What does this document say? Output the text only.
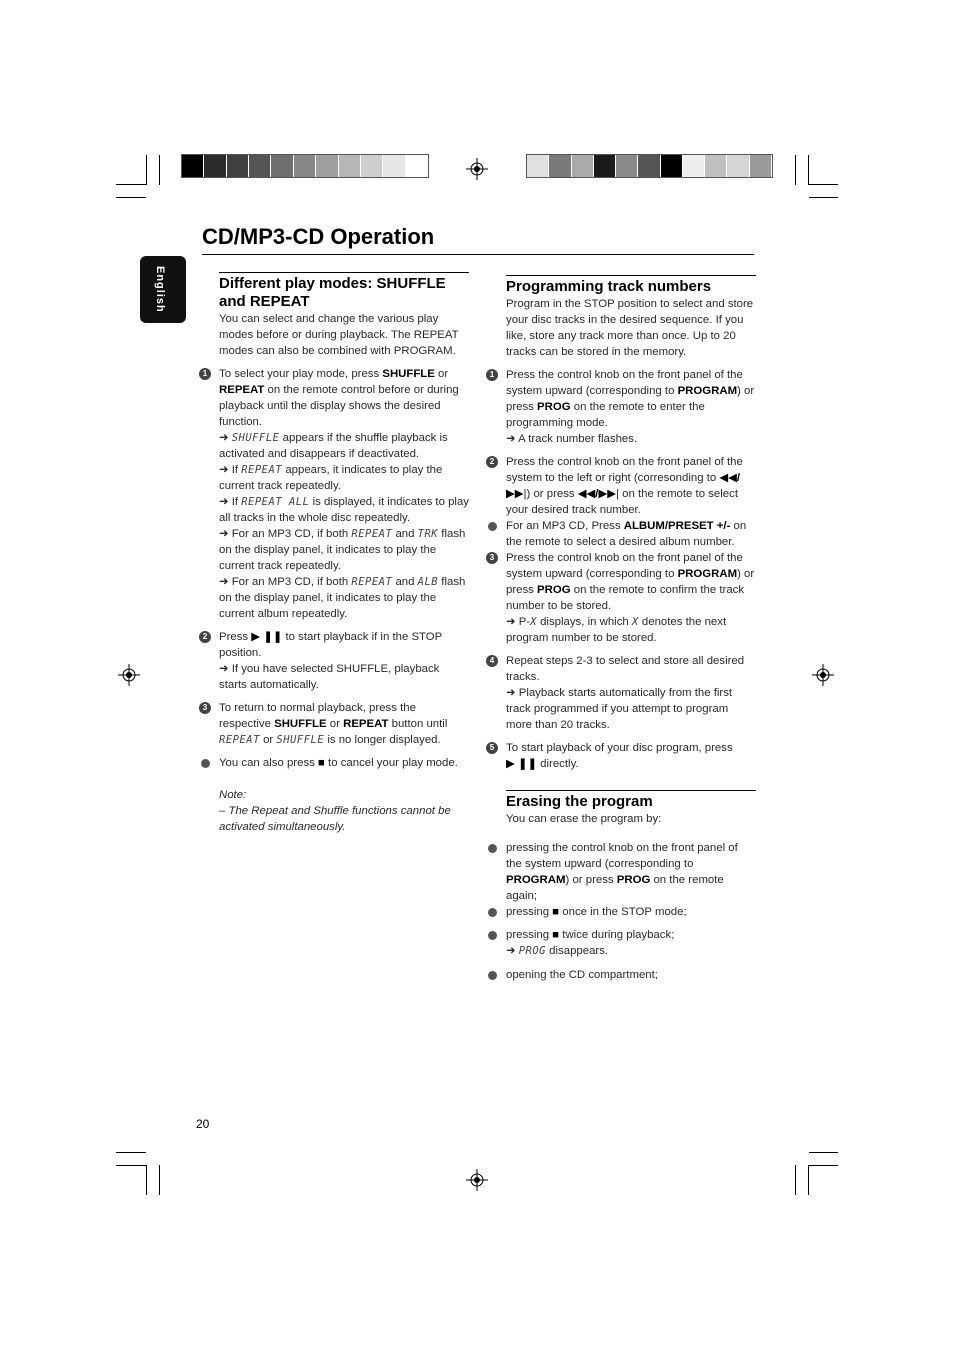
English
CD/MP3-CD Operation
Different play modes: SHUFFLE and REPEAT

You can select and change the various play modes before or during playback. The REPEAT modes can also be combined with PROGRAM.

1	To select your play mode, press SHUFFLE or REPEAT on the remote control before or during playback until the display shows the desired function.

➜ SHUFFLE appears if the shuffle playback is activated and disappears if deactivated.

➜ If REPEAT appears, it indicates to play the current track repeatedly.

➜ If REPEAT ALL is displayed, it indicates to play all tracks in the whole disc repeatedly.

➜ For an MP3 CD, if both REPEAT and TRK flash on the display panel, it indicates to play the current track repeatedly.

➜ For an MP3 CD, if both REPEAT and ALB flash on the display panel, it indicates to play the current album repeatedly.

2	Press ▶ ❚❚ to start playback if in the STOP position.

➜ If you have selected SHUFFLE, playback starts automatically.

3	To return to normal playback, press the respective SHUFFLE or REPEAT button until REPEAT or SHUFFLE is no longer displayed.

You can also press ■ to cancel your play mode.

Note:

– The Repeat and Shuffle functions cannot be activated simultaneously.

Programming track numbers

Program in the STOP position to select and store your disc tracks in the desired sequence. If you like, store any track more than once. Up to 20 tracks can be stored in the memory.

1	Press the control knob on the front panel of the system upward (corresponding to PROGRAM) or press PROG on the remote to enter the programming mode.

➜ A track number flashes.

2	Press the control knob on the front panel of the system to the left or right (corresonding to ◀◀/▶▶|) or press ◀◀/▶▶| on the remote to select your desired track number.

For an MP3 CD, Press ALBUM/PRESET +/- on the remote to select a desired album number.

3	Press the control knob on the front panel of the system upward (corresponding to PROGRAM) or press PROG on the remote to confirm the track number to be stored.

➜ P-X displays, in which X denotes the next program number to be stored.

4	Repeat steps 2-3 to select and store all desired tracks.

➜ Playback starts automatically from the first track programmed if you attempt to program more than 20 tracks.

5	To start playback of your disc program, press

▶ ❚❚ directly.

Erasing the program

You can erase the program by:

pressing the control knob on the front panel of the system upward (corresponding to PROGRAM) or press PROG on the remote again;

pressing ■ once in the STOP mode;

pressing ■ twice during playback;

➜ PROG disappears.

opening the CD compartment;

20
